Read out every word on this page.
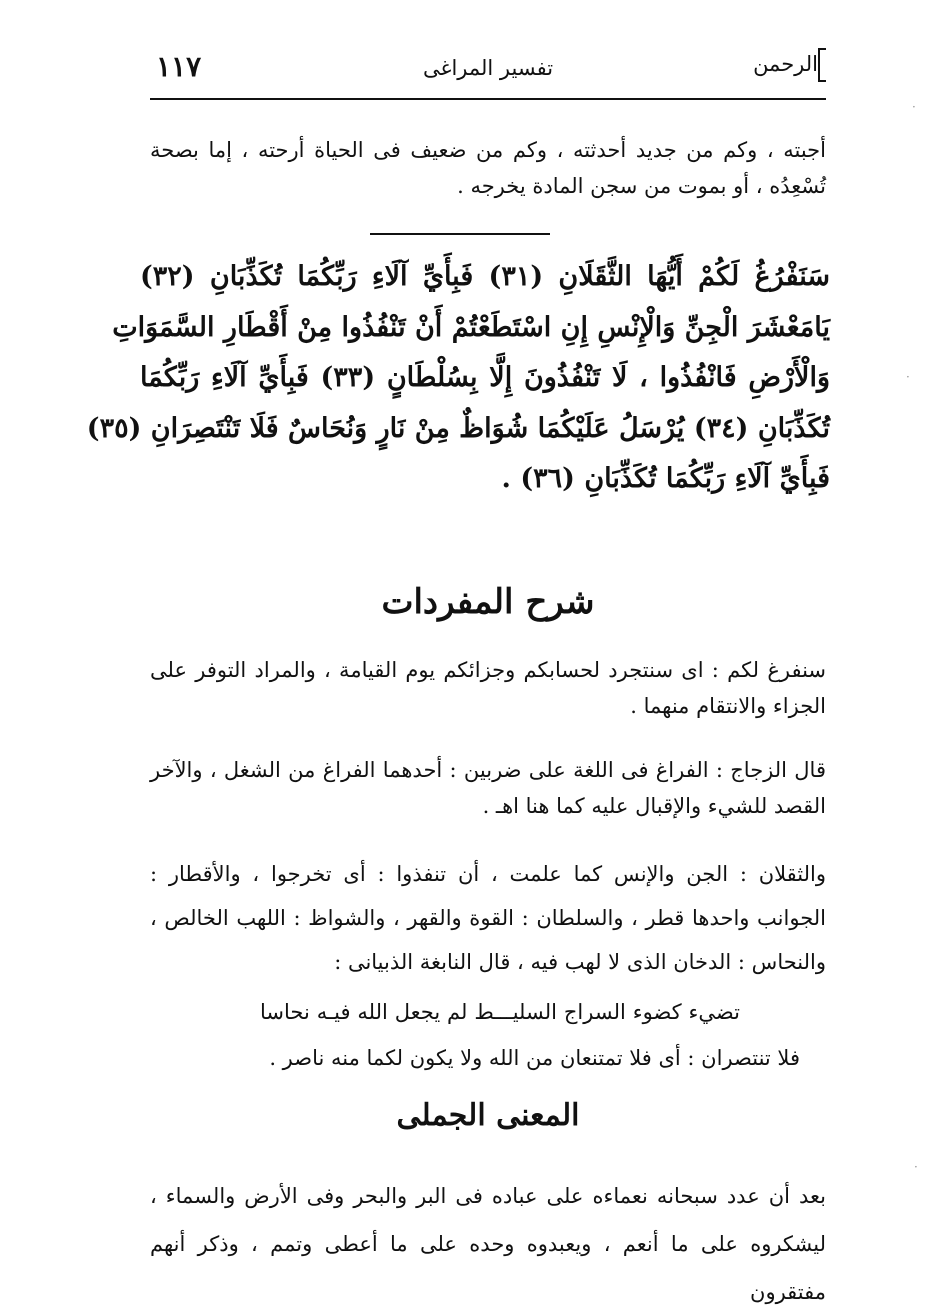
الرحمن
تفسير المراغى
١١٧
أجبته ، وكم من جديد أحدثته ، وكم من ضعيف فى الحياة أرحته ، إما بصحة
تُسْعِدُه ، أو بموت من سجن المادة يخرجه .
سَنَفْرُغُ لَكُمْ أَيُّهَا الثَّقَلَانِ (٣١) فَبِأَيِّ آلَاءِ رَبِّكُمَا تُكَذِّبَانِ (٣٢)
يَامَعْشَرَ الْجِنِّ وَالْإِنْسِ إِنِ اسْتَطَعْتُمْ أَنْ تَنْفُذُوا مِنْ أَقْطَارِ السَّمَوَاتِ
وَالْأَرْضِ فَانْفُذُوا ، لَا تَنْفُذُونَ إِلَّا بِسُلْطَانٍ (٣٣) فَبِأَيِّ آلَاءِ رَبِّكُمَا
تُكَذِّبَانِ (٣٤) يُرْسَلُ عَلَيْكُمَا شُوَاظٌ مِنْ نَارٍ وَنُحَاسٌ فَلَا تَنْتَصِرَانِ (٣٥)
فَبِأَيِّ آلَاءِ رَبِّكُمَا تُكَذِّبَانِ (٣٦) .
شرح المفردات
سنفرغ لكم : اى سنتجرد لحسابكم وجزائكم يوم القيامة ، والمراد التوفر على
الجزاء والانتقام منهما .
قال الزجاج : الفراغ فى اللغة على ضربين : أحدهما الفراغ من الشغل ، والآخر
القصد للشيء والإقبال عليه كما هنا اهـ .
والثقلان : الجن والإنس كما علمت ، أن تنفذوا : أى تخرجوا ، والأقطار :
الجوانب واحدها قطر ، والسلطان : القوة والقهر ، والشواظ : اللهب الخالص ،
والنحاس : الدخان الذى لا لهب فيه ، قال النابغة الذبيانى :
تضيء كضوء السراج السليـــط لم يجعل الله فيـه نحاسا
فلا تنتصران : أى فلا تمتنعان من الله ولا يكون لكما منه ناصر .
المعنى الجملى
بعد أن عدد سبحانه نعماءه على عباده فى البر والبحر وفى الأرض والسماء ،
ليشكروه على ما أنعم ، ويعبدوه وحده على ما أعطى وتمم ، وذكر أنهم مفتقرون
·
·
·
